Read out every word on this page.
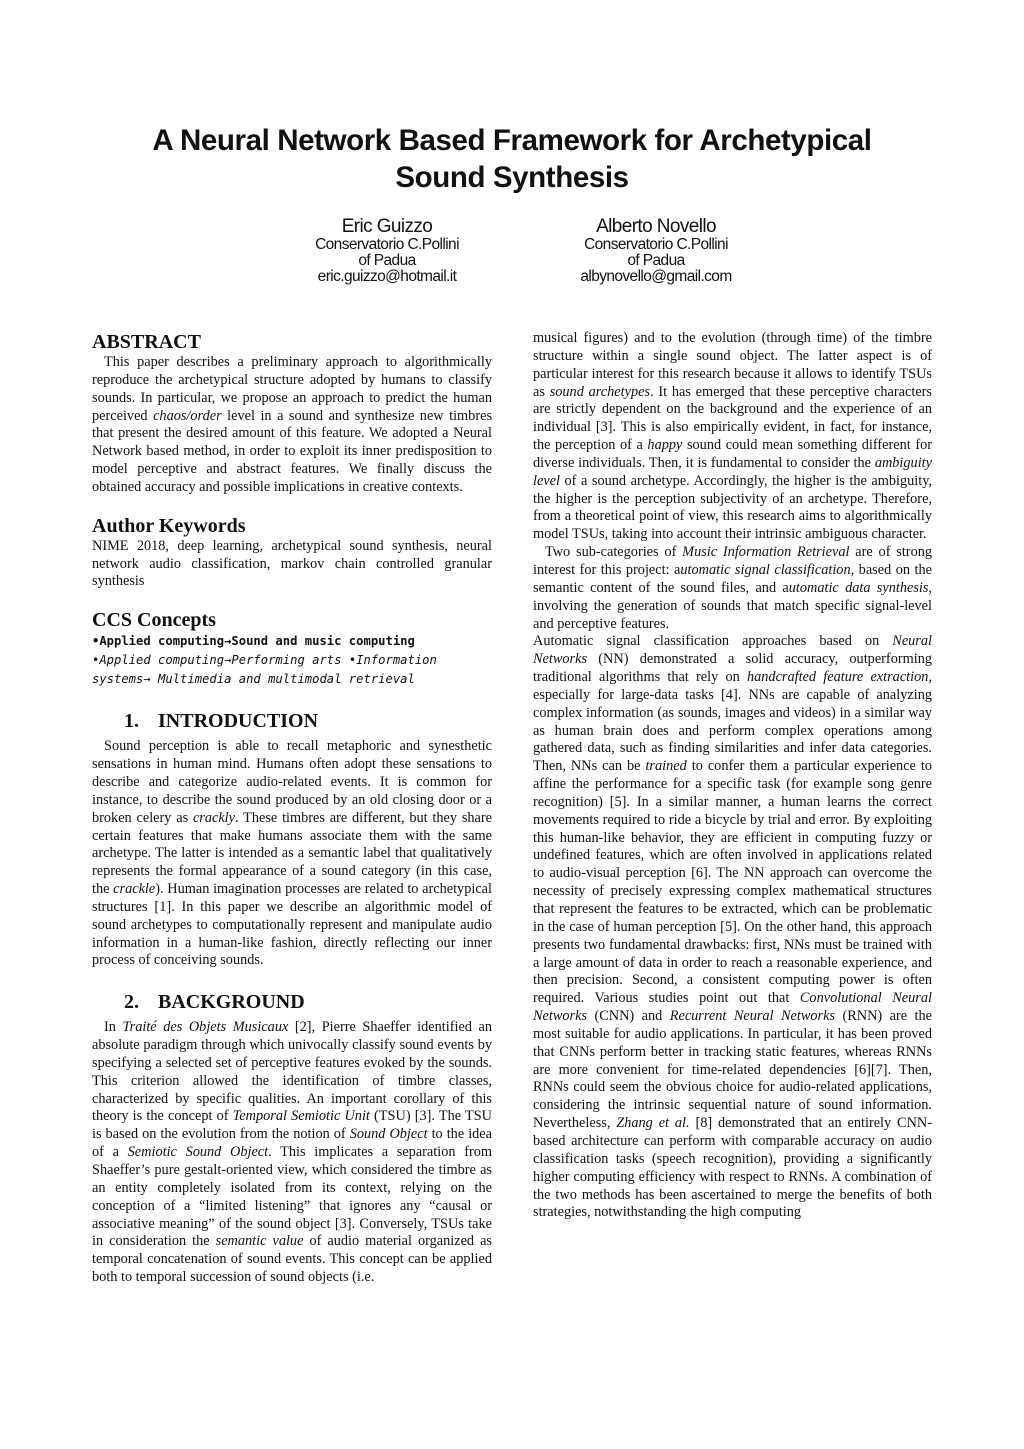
A Neural Network Based Framework for Archetypical
Sound Synthesis
Eric Guizzo
Conservatorio C.Pollini
of Padua
eric.guizzo@hotmail.it
Alberto Novello
Conservatorio C.Pollini
of Padua
albynovello@gmail.com
ABSTRACT

This paper describes a preliminary approach to algorithmically reproduce the archetypical structure adopted by humans to classify sounds. In particular, we propose an approach to predict the human perceived chaos/order level in a sound and synthesize new timbres that present the desired amount of this feature. We adopted a Neural Network based method, in order to exploit its inner predisposition to model perceptive and abstract features. We finally discuss the obtained accuracy and possible implications in creative contexts.

Author Keywords

NIME 2018, deep learning, archetypical sound synthesis, neural network audio classification, markov chain controlled granular synthesis

CCS Concepts
•Applied computing→Sound and music computing
•Applied computing→Performing arts •Information systems→ Multimedia and multimodal retrieval
1. INTRODUCTION

Sound perception is able to recall metaphoric and synesthetic sensations in human mind. Humans often adopt these sensations to describe and categorize audio-related events. It is common for instance, to describe the sound produced by an old closing door or a broken celery as crackly. These timbres are different, but they share certain features that make humans associate them with the same archetype. The latter is intended as a semantic label that qualitatively represents the formal appearance of a sound category (in this case, the crackle). Human imagination processes are related to archetypical structures [1]. In this paper we describe an algorithmic model of sound archetypes to computationally represent and manipulate audio information in a human-like fashion, directly reflecting our inner process of conceiving sounds.

2. BACKGROUND

In Traité des Objets Musicaux [2], Pierre Shaeffer identified an absolute paradigm through which univocally classify sound events by specifying a selected set of perceptive features evoked by the sounds. This criterion allowed the identification of timbre classes, characterized by specific qualities. An important corollary of this theory is the concept of Temporal Semiotic Unit (TSU) [3]. The TSU is based on the evolution from the notion of Sound Object to the idea of a Semiotic Sound Object. This implicates a separation from Shaeffer’s pure gestalt-oriented view, which considered the timbre as an entity completely isolated from its context, relying on the conception of a “limited listening” that ignores any “causal or associative meaning” of the sound object [3]. Conversely, TSUs take in consideration the semantic value of audio material organized as temporal concatenation of sound events. This concept can be applied both to temporal succession of sound objects (i.e.

musical figures) and to the evolution (through time) of the timbre structure within a single sound object. The latter aspect is of particular interest for this research because it allows to identify TSUs as sound archetypes. It has emerged that these perceptive characters are strictly dependent on the background and the experience of an individual [3]. This is also empirically evident, in fact, for instance, the perception of a happy sound could mean something different for diverse individuals. Then, it is fundamental to consider the ambiguity level of a sound archetype. Accordingly, the higher is the ambiguity, the higher is the perception subjectivity of an archetype. Therefore, from a theoretical point of view, this research aims to algorithmically model TSUs, taking into account their intrinsic ambiguous character.

Two sub-categories of Music Information Retrieval are of strong interest for this project: automatic signal classification, based on the semantic content of the sound files, and automatic data synthesis, involving the generation of sounds that match specific signal-level and perceptive features.

Automatic signal classification approaches based on Neural Networks (NN) demonstrated a solid accuracy, outperforming traditional algorithms that rely on handcrafted feature extraction, especially for large-data tasks [4]. NNs are capable of analyzing complex information (as sounds, images and videos) in a similar way as human brain does and perform complex operations among gathered data, such as finding similarities and infer data categories. Then, NNs can be trained to confer them a particular experience to affine the performance for a specific task (for example song genre recognition) [5]. In a similar manner, a human learns the correct movements required to ride a bicycle by trial and error. By exploiting this human-like behavior, they are efficient in computing fuzzy or undefined features, which are often involved in applications related to audio-visual perception [6]. The NN approach can overcome the necessity of precisely expressing complex mathematical structures that represent the features to be extracted, which can be problematic in the case of human perception [5]. On the other hand, this approach presents two fundamental drawbacks: first, NNs must be trained with a large amount of data in order to reach a reasonable experience, and then precision. Second, a consistent computing power is often required. Various studies point out that Convolutional Neural Networks (CNN) and Recurrent Neural Networks (RNN) are the most suitable for audio applications. In particular, it has been proved that CNNs perform better in tracking static features, whereas RNNs are more convenient for time-related dependencies [6][7]. Then, RNNs could seem the obvious choice for audio-related applications, considering the intrinsic sequential nature of sound information. Nevertheless, Zhang et al. [8] demonstrated that an entirely CNN-based architecture can perform with comparable accuracy on audio classification tasks (speech recognition), providing a significantly higher computing efficiency with respect to RNNs. A combination of the two methods has been ascertained to merge the benefits of both strategies, notwithstanding the high computing
